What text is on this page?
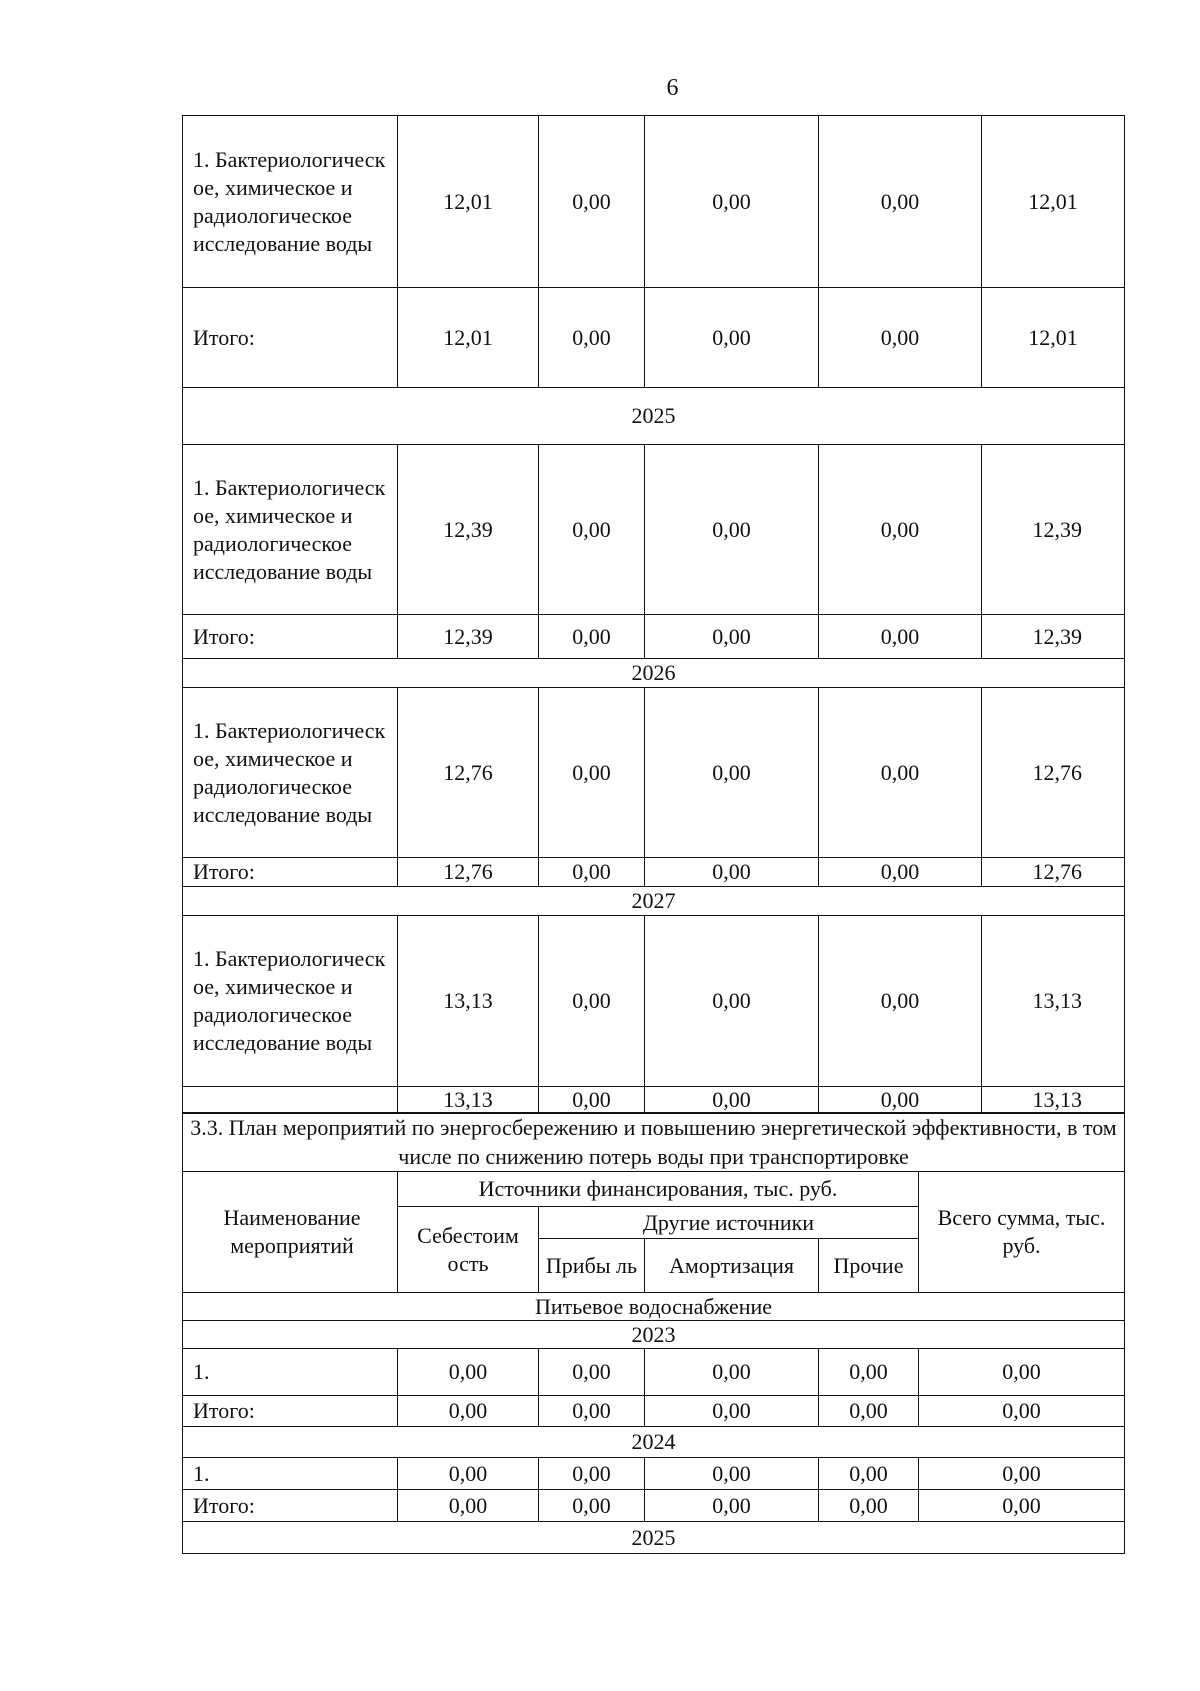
6
1. Бактериологическ ое, химическое и радиологическое исследование воды	12,01	0,00	0,00	0,00	12,01
Итого:	12,01	0,00	0,00	0,00	12,01
2025					
1. Бактериологическ ое, химическое и радиологическое исследование воды	12,39	0,00	0,00	0,00	12,39
Итого:	12,39	0,00	0,00	0,00	12,39
2026					
1. Бактериологическ ое, химическое и радиологическое исследование воды	12,76	0,00	0,00	0,00	12,76
Итого:	12,76	0,00	0,00	0,00	12,76
2027					
1. Бактериологическ ое, химическое и радиологическое исследование воды	13,13	0,00	0,00	0,00	13,13
	13,13	0,00	0,00	0,00	13,13
3.3. План мероприятий по энергосбережению и повышению энергетической эффективности, в том числе по снижению потерь воды при транспортировке					
Наименование мероприятий	Источники финансирования, тыс. руб.				Всего сумма, тыс. руб.
	Себестоим ость	Другие источники			
		Прибы ль	Амортизация	Прочие	
Питьевое водоснабжение					
2023					
1.	0,00	0,00	0,00	0,00	0,00
Итого:	0,00	0,00	0,00	0,00	0,00
2024					
1.	0,00	0,00	0,00	0,00	0,00
Итого:	0,00	0,00	0,00	0,00	0,00
2025					
